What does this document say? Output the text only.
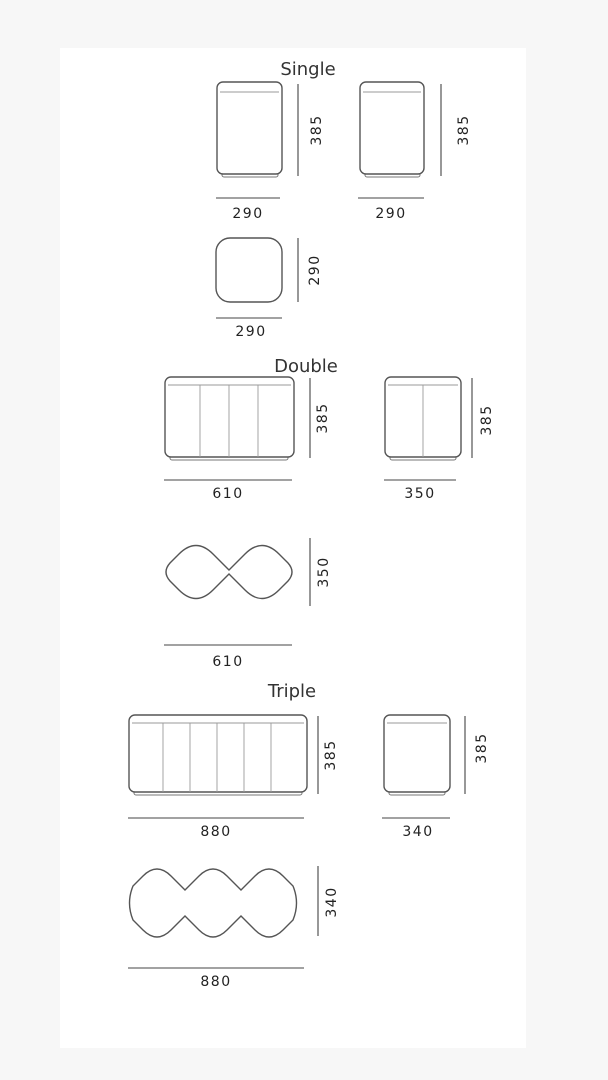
Single
385
290
385
290
290
290
Double
385
610
385
350
350
610
Triple
385
880
385
340
340
880
